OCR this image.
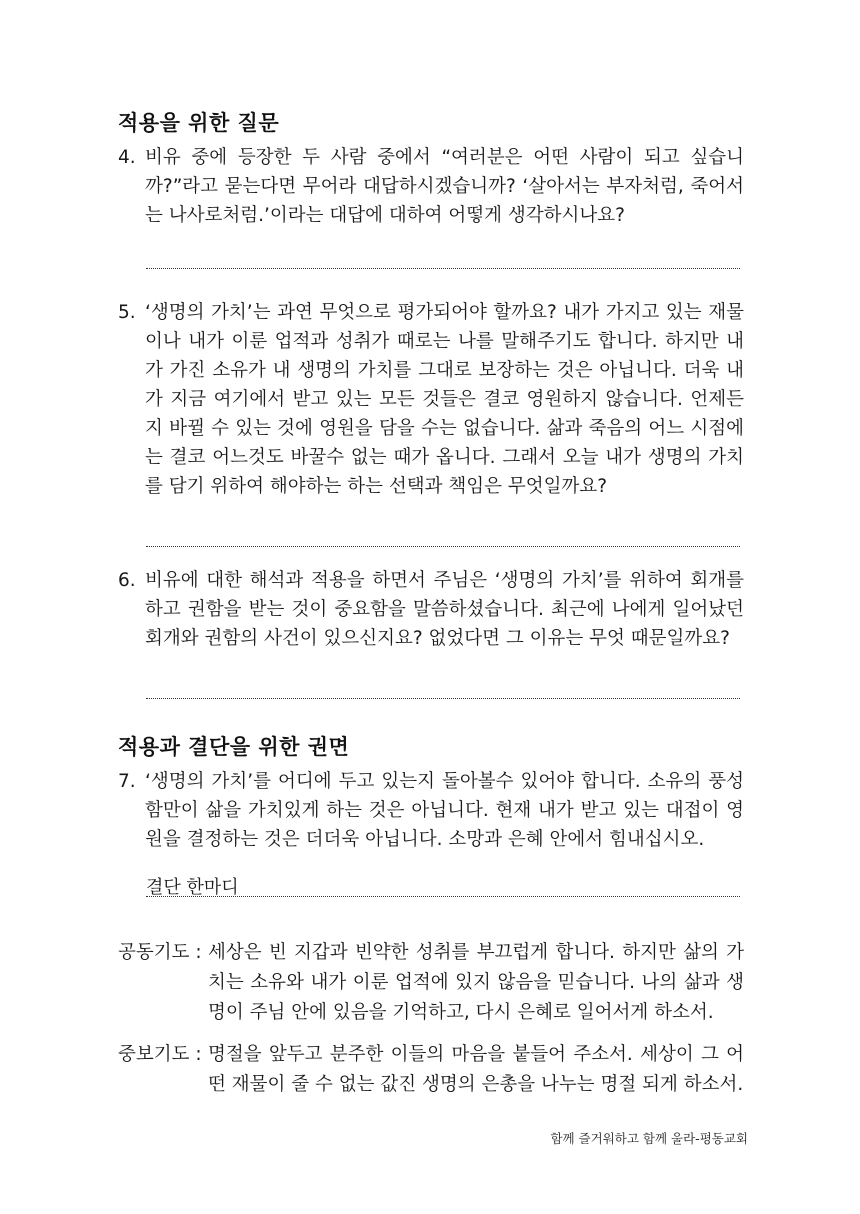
적용을 위한 질문
4. 비유 중에 등장한 두 사람 중에서 “여러분은 어떤 사람이 되고 싶습니까?”라고 묻는다면 무어라 대답하시겠습니까? ‘살아서는 부자처럼, 죽어서는 나사로처럼.’이라는 대답에 대하여 어떻게 생각하시나요?
5. ‘생명의 가치’는 과연 무엇으로 평가되어야 할까요? 내가 가지고 있는 재물이나 내가 이룬 업적과 성취가 때로는 나를 말해주기도 합니다. 하지만 내가 가진 소유가 내 생명의 가치를 그대로 보장하는 것은 아닙니다. 더욱 내가 지금 여기에서 받고 있는 모든 것들은 결코 영원하지 않습니다. 언제든지 바뀔 수 있는 것에 영원을 담을 수는 없습니다. 삶과 죽음의 어느 시점에는 결코 어느것도 바꿀수 없는 때가 옵니다. 그래서 오늘 내가 생명의 가치를 담기 위하여 해야하는 하는 선택과 책임은 무엇일까요?
6. 비유에 대한 해석과 적용을 하면서 주님은 ‘생명의 가치’를 위하여 회개를 하고 권함을 받는 것이 중요함을 말씀하셨습니다. 최근에 나에게 일어났던 회개와 권함의 사건이 있으신지요? 없었다면 그 이유는 무엇 때문일까요?
적용과 결단을 위한 권면
7. ‘생명의 가치’를 어디에 두고 있는지 돌아볼수 있어야 합니다. 소유의 풍성함만이 삶을 가치있게 하는 것은 아닙니다. 현재 내가 받고 있는 대접이 영원을 결정하는 것은 더더욱 아닙니다. 소망과 은혜 안에서 힘내십시오.
결단 한마디
공동기도 : 세상은 빈 지갑과 빈약한 성취를 부끄럽게 합니다. 하지만 삶의 가치는 소유와 내가 이룬 업적에 있지 않음을 믿습니다. 나의 삶과 생명이 주님 안에 있음을 기억하고, 다시 은혜로 일어서게 하소서.
중보기도 : 명절을 앞두고 분주한 이들의 마음을 붙들어 주소서. 세상이 그 어떤 재물이 줄 수 없는 값진 생명의 은총을 나누는 명절 되게 하소서.
함께 즐거워하고 함께 울라-평동교회
